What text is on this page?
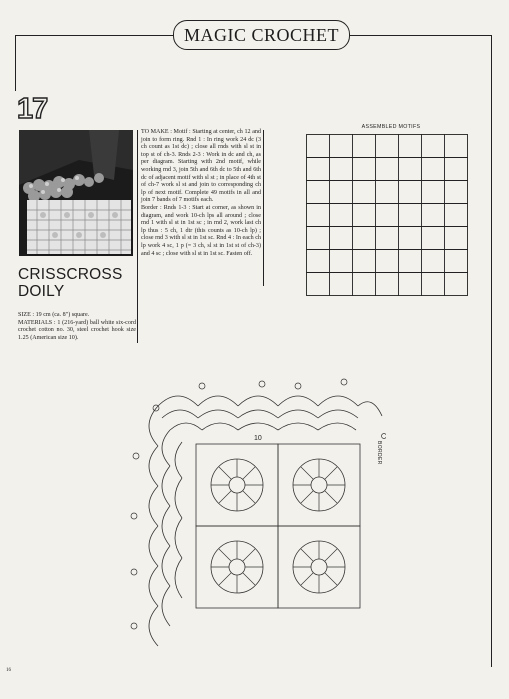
MAGIC CROCHET
17
CRISSCROSS
DOILY
SIZE : 19 cm (ca. 8") square.
MATERIALS : 1 (216-yard) ball white six-cord crochet cotton no. 30, steel crochet hook size 1.25 (American size 10).
TO MAKE : Motif : Starting at center, ch 12 and join to form ring. Rnd 1 : In ring work 24 dc (3 ch count as 1st dc) ; close all rnds with sl st in top st of ch-3. Rnds 2-3 : Work in dc and ch, as per diagram. Starting with 2nd motif, while working rnd 3, join 5th and 6th dc to 5th and 6th dc of adjacent motif with sl st ; in place of 4th st of ch-7 work sl st and join to corresponding ch lp of next motif. Complete 49 motifs in all and join 7 bands of 7 motifs each.
Border : Rnds 1-3 : Start at corner, as shown in diagram, and work 10-ch lps all around ; close rnd 1 with sl st in 1st sc ; in rnd 2, work last ch lp thus : 5 ch, 1 dtr (this counts as 10-ch lp) ; close rnd 3 with sl st in 1st sc. Rnd 4 : In each ch lp work 4 sc, 1 p (= 3 ch, sl st in 1st st of ch-3) and 4 sc ; close with sl st in 1st sc. Fasten off.
ASSEMBLED MOTIFS
10
BORDER
16
